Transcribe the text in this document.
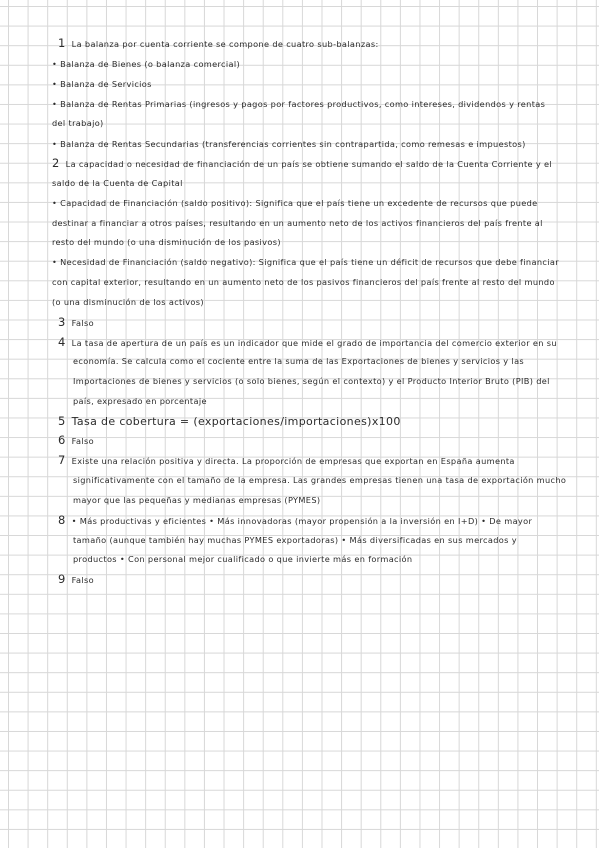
1 La balanza por cuenta corriente se compone de cuatro sub-balanzas:
• Balanza de Bienes (o balanza comercial)
• Balanza de Servicios
• Balanza de Rentas Primarias (ingresos y pagos por factores productivos, como intereses, dividendos y rentas
del trabajo)
• Balanza de Rentas Secundarias (transferencias corrientes sin contrapartida, como remesas e impuestos)
2 La capacidad o necesidad de financiación de un país se obtiene sumando el saldo de la Cuenta Corriente y el
saldo de la Cuenta de Capital
• Capacidad de Financiación (saldo positivo): Significa que el país tiene un excedente de recursos que puede
destinar a financiar a otros países, resultando en un aumento neto de los activos financieros del país frente al
resto del mundo (o una disminución de los pasivos)
• Necesidad de Financiación (saldo negativo): Significa que el país tiene un déficit de recursos que debe financiar
con capital exterior, resultando en un aumento neto de los pasivos financieros del país frente al resto del mundo
(o una disminución de los activos)
3 Falso
4 La tasa de apertura de un país es un indicador que mide el grado de importancia del comercio exterior en su
economía. Se calcula como el cociente entre la suma de las Exportaciones de bienes y servicios y las
Importaciones de bienes y servicios (o solo bienes, según el contexto) y el Producto Interior Bruto (PIB) del
país, expresado en porcentaje
5 Tasa de cobertura = (exportaciones/importaciones)x100
6 Falso
7 Existe una relación positiva y directa. La proporción de empresas que exportan en España aumenta
significativamente con el tamaño de la empresa. Las grandes empresas tienen una tasa de exportación mucho
mayor que las pequeñas y medianas empresas (PYMES)
8 • Más productivas y eficientes • Más innovadoras (mayor propensión a la inversión en I+D) • De mayor
tamaño (aunque también hay muchas PYMES exportadoras) • Más diversificadas en sus mercados y
productos • Con personal mejor cualificado o que invierte más en formación
9 Falso
